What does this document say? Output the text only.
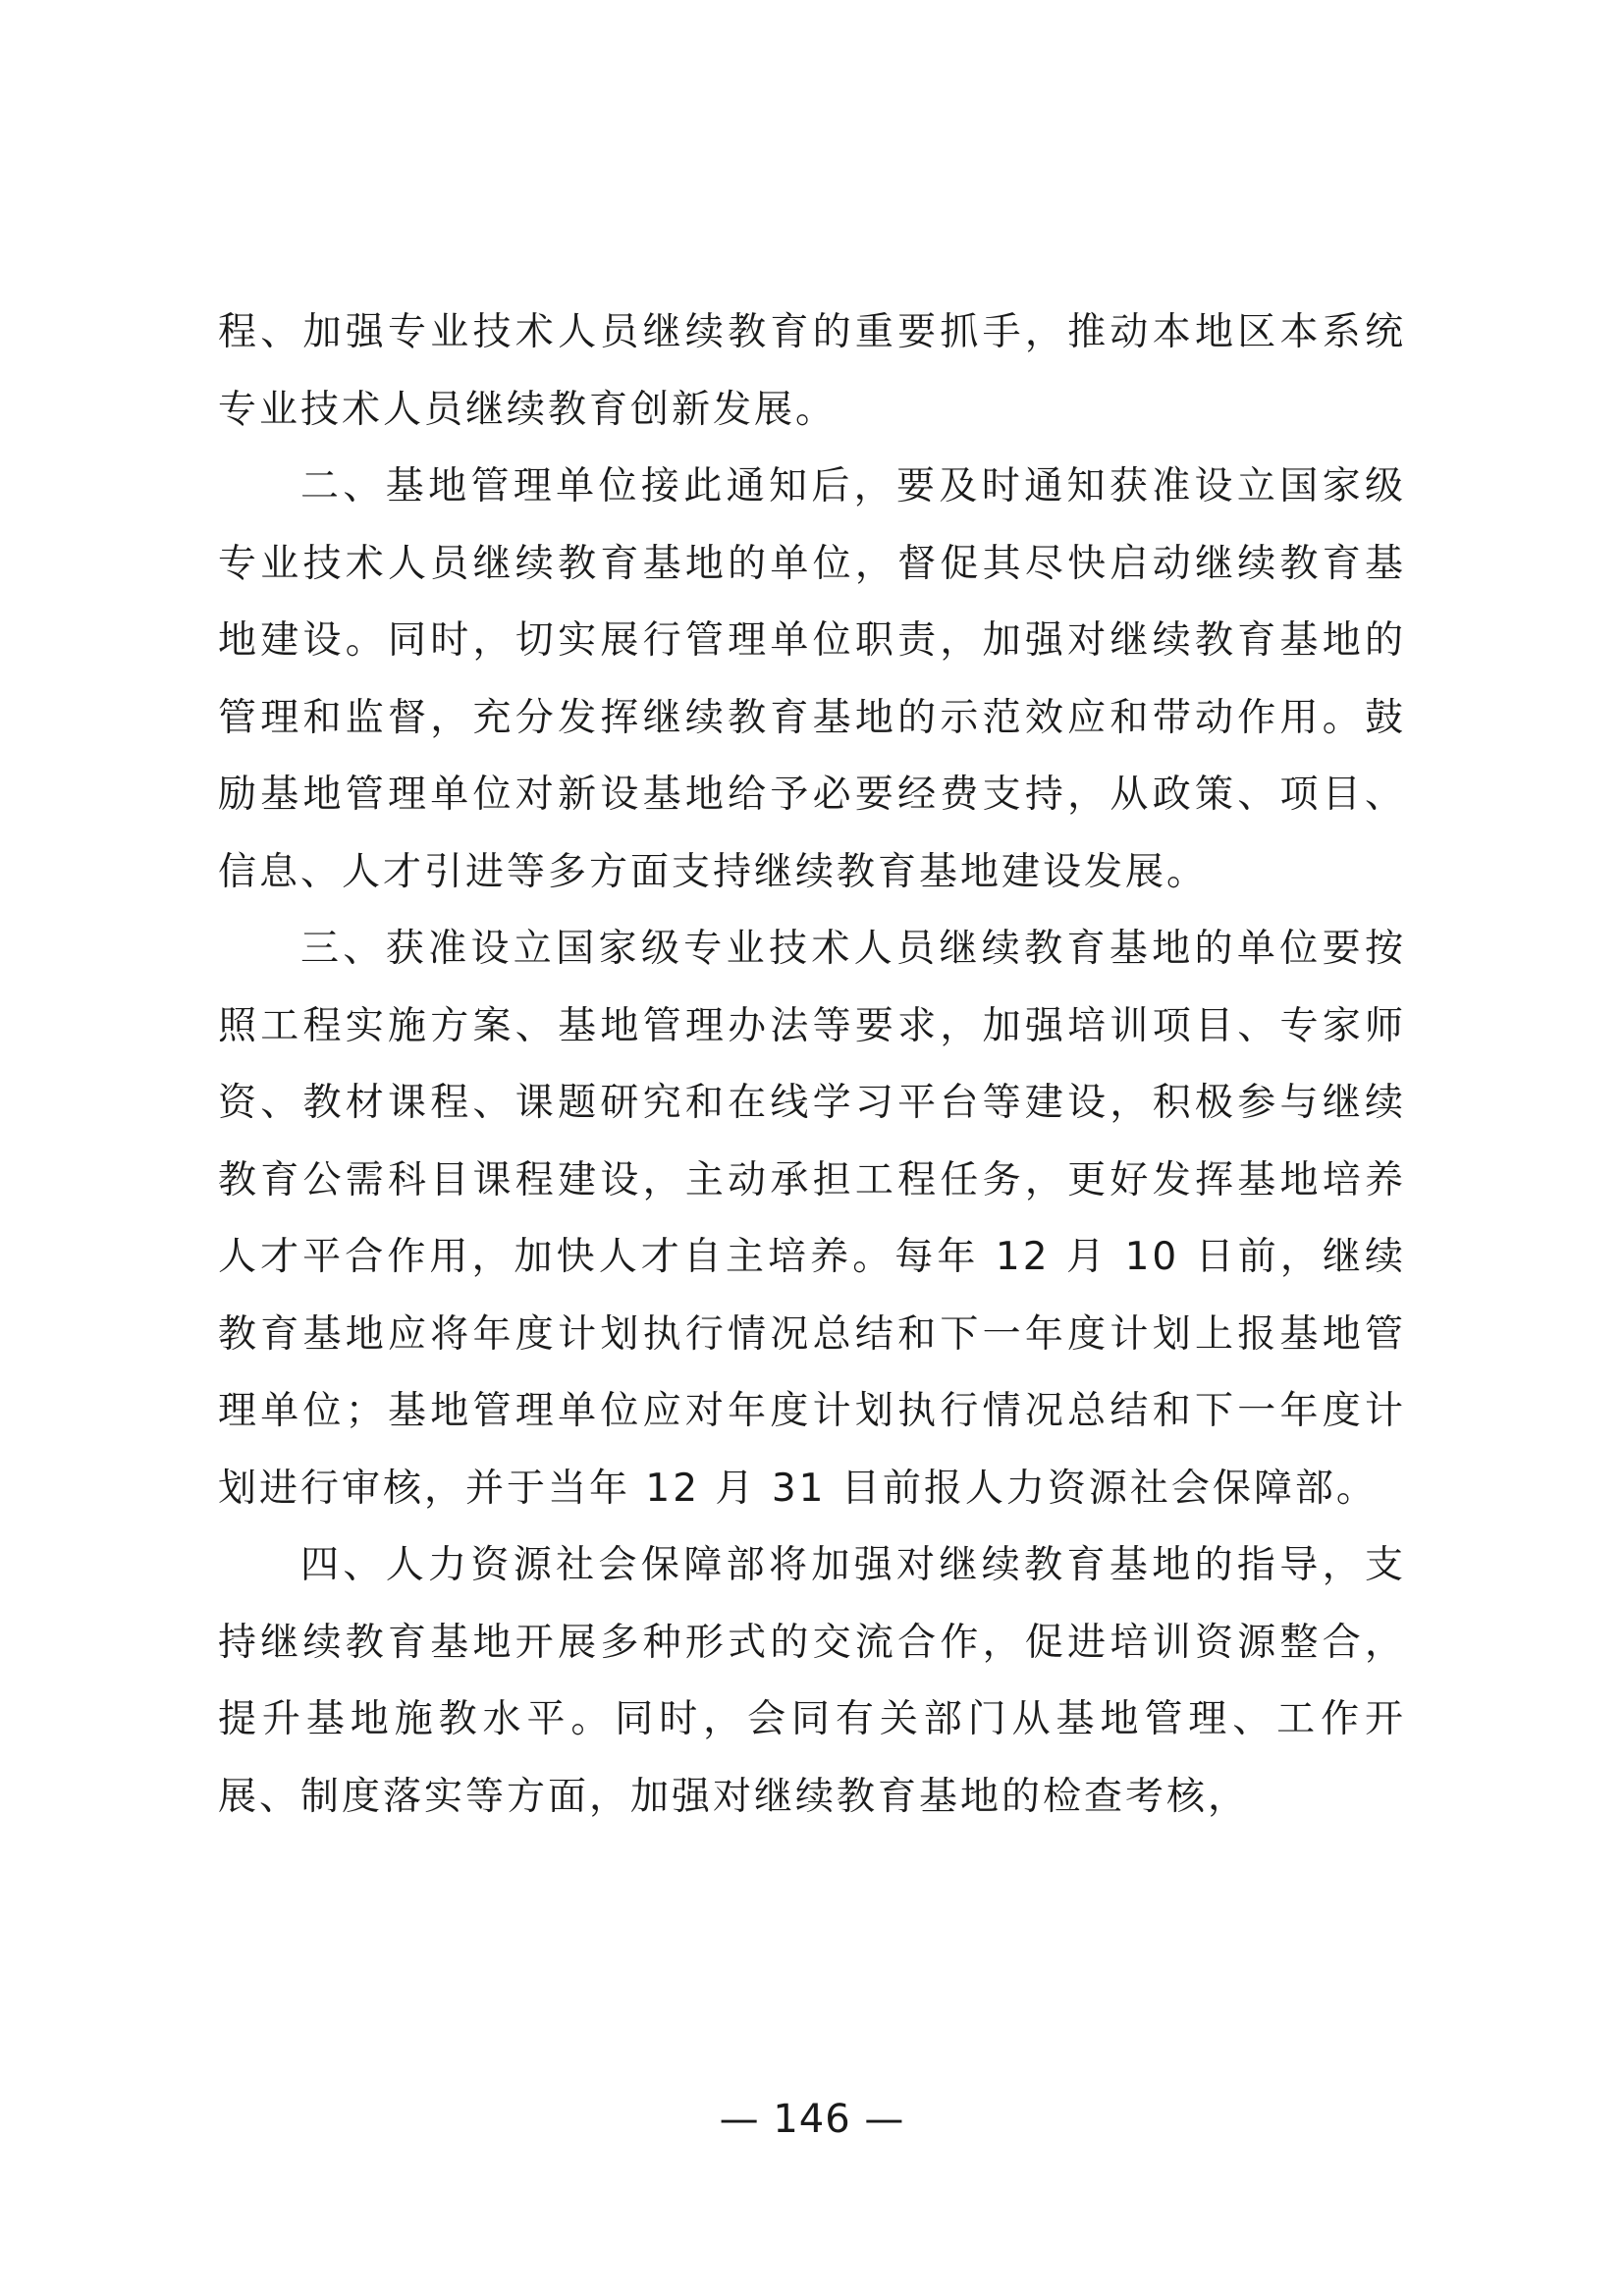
程、加强专业技术人员继续教育的重要抓手，推动本地区本系统专业技术人员继续教育创新发展。

二、基地管理单位接此通知后，要及时通知获准设立国家级专业技术人员继续教育基地的单位，督促其尽快启动继续教育基地建设。同时，切实展行管理单位职责，加强对继续教育基地的管理和监督，充分发挥继续教育基地的示范效应和带动作用。鼓励基地管理单位对新设基地给予必要经费支持，从政策、项目、信息、人才引进等多方面支持继续教育基地建设发展。

三、获准设立国家级专业技术人员继续教育基地的单位要按照工程实施方案、基地管理办法等要求，加强培训项目、专家师资、教材课程、课题研究和在线学习平台等建设，积极参与继续教育公需科目课程建设，主动承担工程任务，更好发挥基地培养人才平合作用，加快人才自主培养。每年 12 月 10 日前，继续教育基地应将年度计划执行情况总结和下一年度计划上报基地管理单位；基地管理单位应对年度计划执行情况总结和下一年度计划进行审核，并于当年 12 月 31 目前报人力资源社会保障部。

四、人力资源社会保障部将加强对继续教育基地的指导，支持继续教育基地开展多种形式的交流合作，促进培训资源整合，提升基地施教水平。同时，会同有关部门从基地管理、工作开展、制度落实等方面，加强对继续教育基地的检查考核，

— 146 —
